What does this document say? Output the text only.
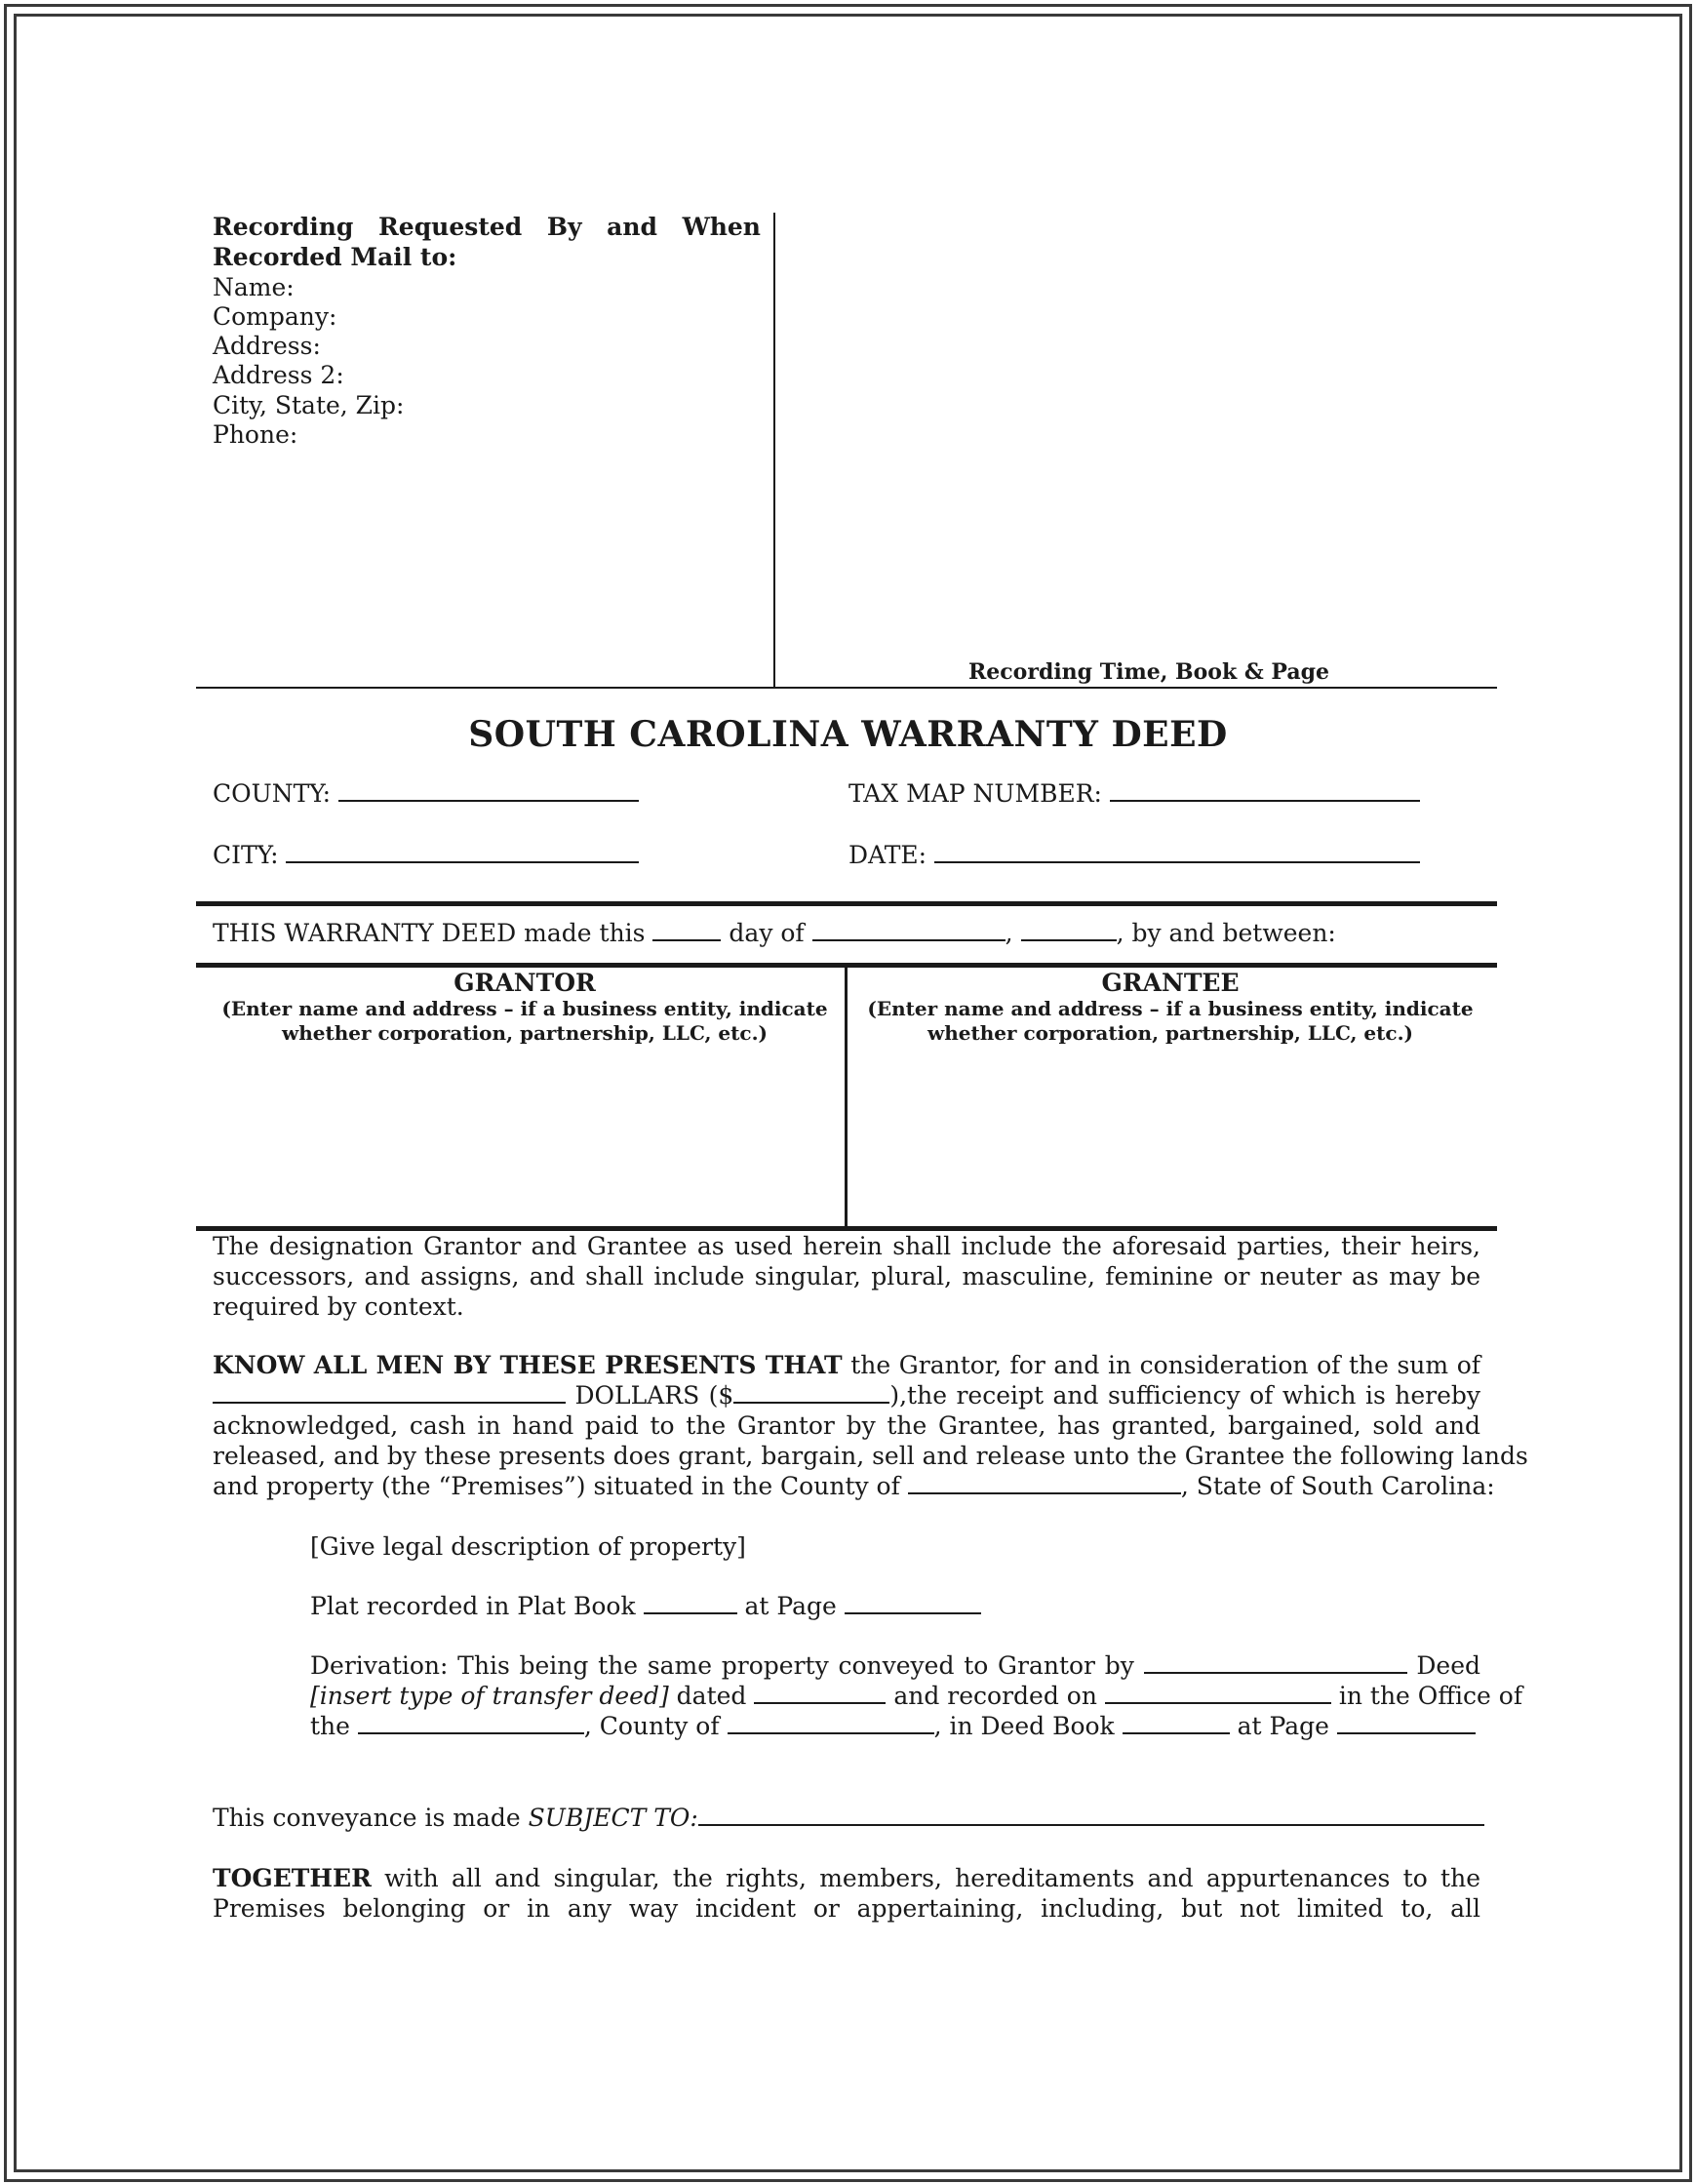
Recording Requested By and When
Recorded Mail to:
Name:
Company:
Address:
Address 2:
City, State, Zip:
Phone:
Recording Time, Book & Page
SOUTH CAROLINA WARRANTY DEED
COUNTY:	TAX MAP NUMBER:
CITY:	DATE:
THIS WARRANTY DEED made this	day of	,	, by and between:
GRANTOR
(Enter name and address – if a business entity, indicate
whether corporation, partnership, LLC, etc.)
GRANTEE
(Enter name and address – if a business entity, indicate
whether corporation, partnership, LLC, etc.)
The designation Grantor and Grantee as used herein shall include the aforesaid parties, their heirs,
successors, and assigns, and shall include singular, plural, masculine, feminine or neuter as may be
required by context.
KNOW ALL MEN BY THESE PRESENTS THAT the Grantor, for and in consideration of the sum of
DOLLARS ($	),the receipt and sufficiency of which is hereby
acknowledged, cash in hand paid to the Grantor by the Grantee, has granted, bargained, sold and
released, and by these presents does grant, bargain, sell and release unto the Grantee the following lands
and property (the “Premises”) situated in the County of	, State of South Carolina:
[Give legal description of property]
Plat recorded in Plat Book	at Page
Derivation: This being the same property conveyed to Grantor by	Deed
[insert type of transfer deed] dated	and recorded on	in the Office of
the	, County of	, in Deed Book	at Page
This conveyance is made SUBJECT TO:
TOGETHER with all and singular, the rights, members, hereditaments and appurtenances to the
Premises belonging or in any way incident or appertaining, including, but not limited to, all
